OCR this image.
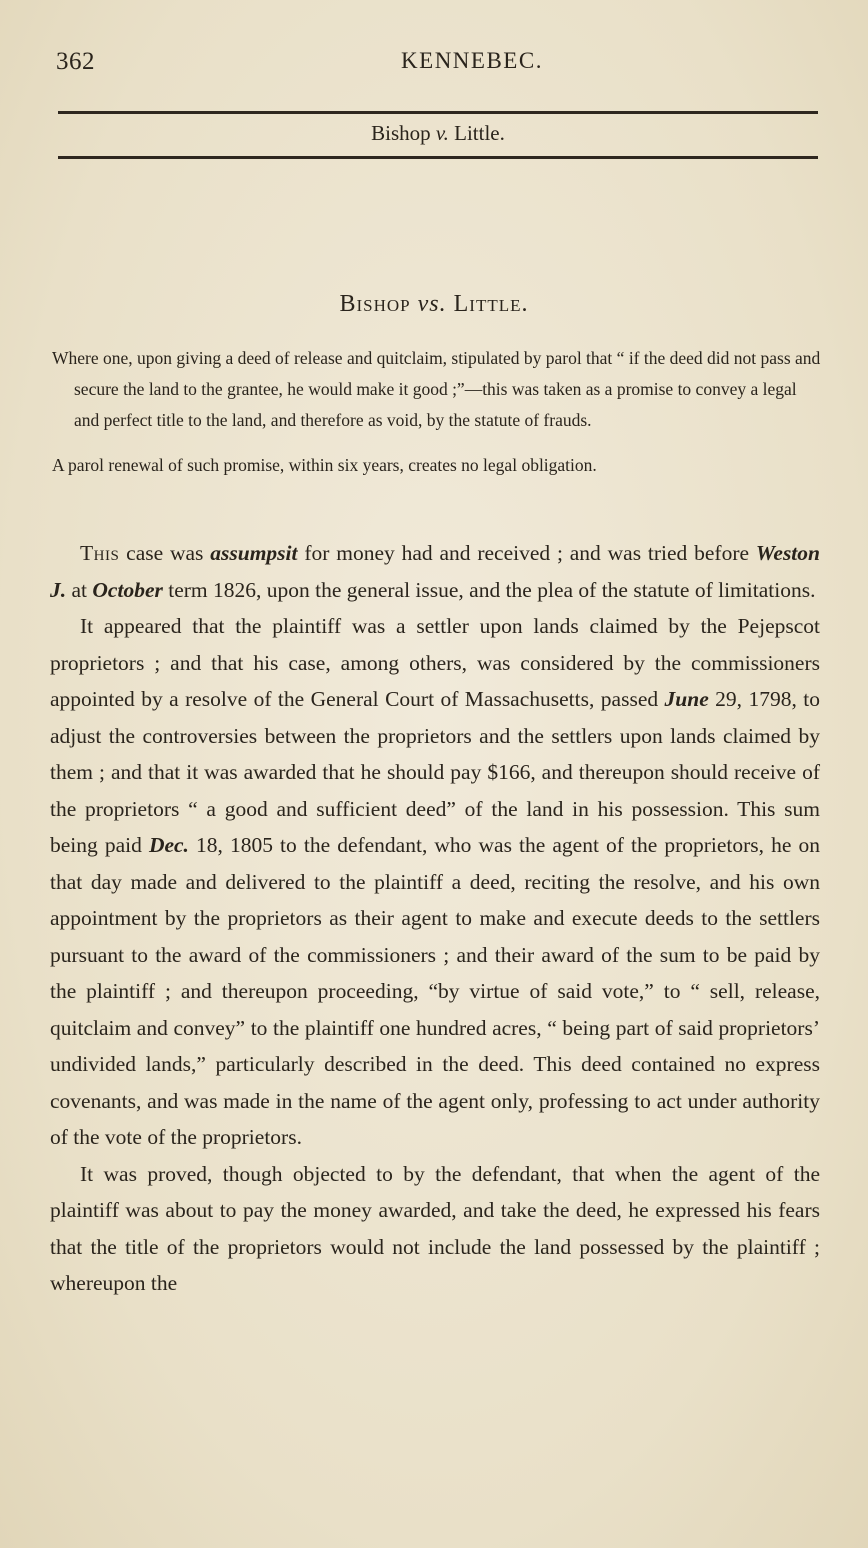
362	KENNEBEC.
Bishop v. Little.
Bishop vs. Little.

Where one, upon giving a deed of release and quitclaim, stipulated by parol that “ if the deed did not pass and secure the land to the grantee, he would make it good ;”—this was taken as a promise to convey a legal and perfect title to the land, and therefore as void, by the statute of frauds.

A parol renewal of such promise, within six years, creates no legal obligation.

This case was assumpsit for money had and received ; and was tried before Weston J. at October term 1826, upon the general issue, and the plea of the statute of limitations.

It appeared that the plaintiff was a settler upon lands claimed by the Pejepscot proprietors ; and that his case, among others, was considered by the commissioners appointed by a resolve of the General Court of Massachusetts, passed June 29, 1798, to adjust the controversies between the proprietors and the settlers upon lands claimed by them ; and that it was awarded that he should pay $166, and thereupon should receive of the proprietors “ a good and sufficient deed” of the land in his possession. This sum being paid Dec. 18, 1805 to the defendant, who was the agent of the proprietors, he on that day made and delivered to the plaintiff a deed, reciting the resolve, and his own appointment by the proprietors as their agent to make and execute deeds to the settlers pursuant to the award of the commissioners ; and their award of the sum to be paid by the plaintiff ; and thereupon proceeding, “by virtue of said vote,” to “ sell, release, quitclaim and convey” to the plaintiff one hundred acres, “ being part of said proprietors’ undivided lands,” particularly described in the deed. This deed contained no express covenants, and was made in the name of the agent only, professing to act under authority of the vote of the proprietors.

It was proved, though objected to by the defendant, that when the agent of the plaintiff was about to pay the money awarded, and take the deed, he expressed his fears that the title of the proprietors would not include the land possessed by the plaintiff ; whereupon the
